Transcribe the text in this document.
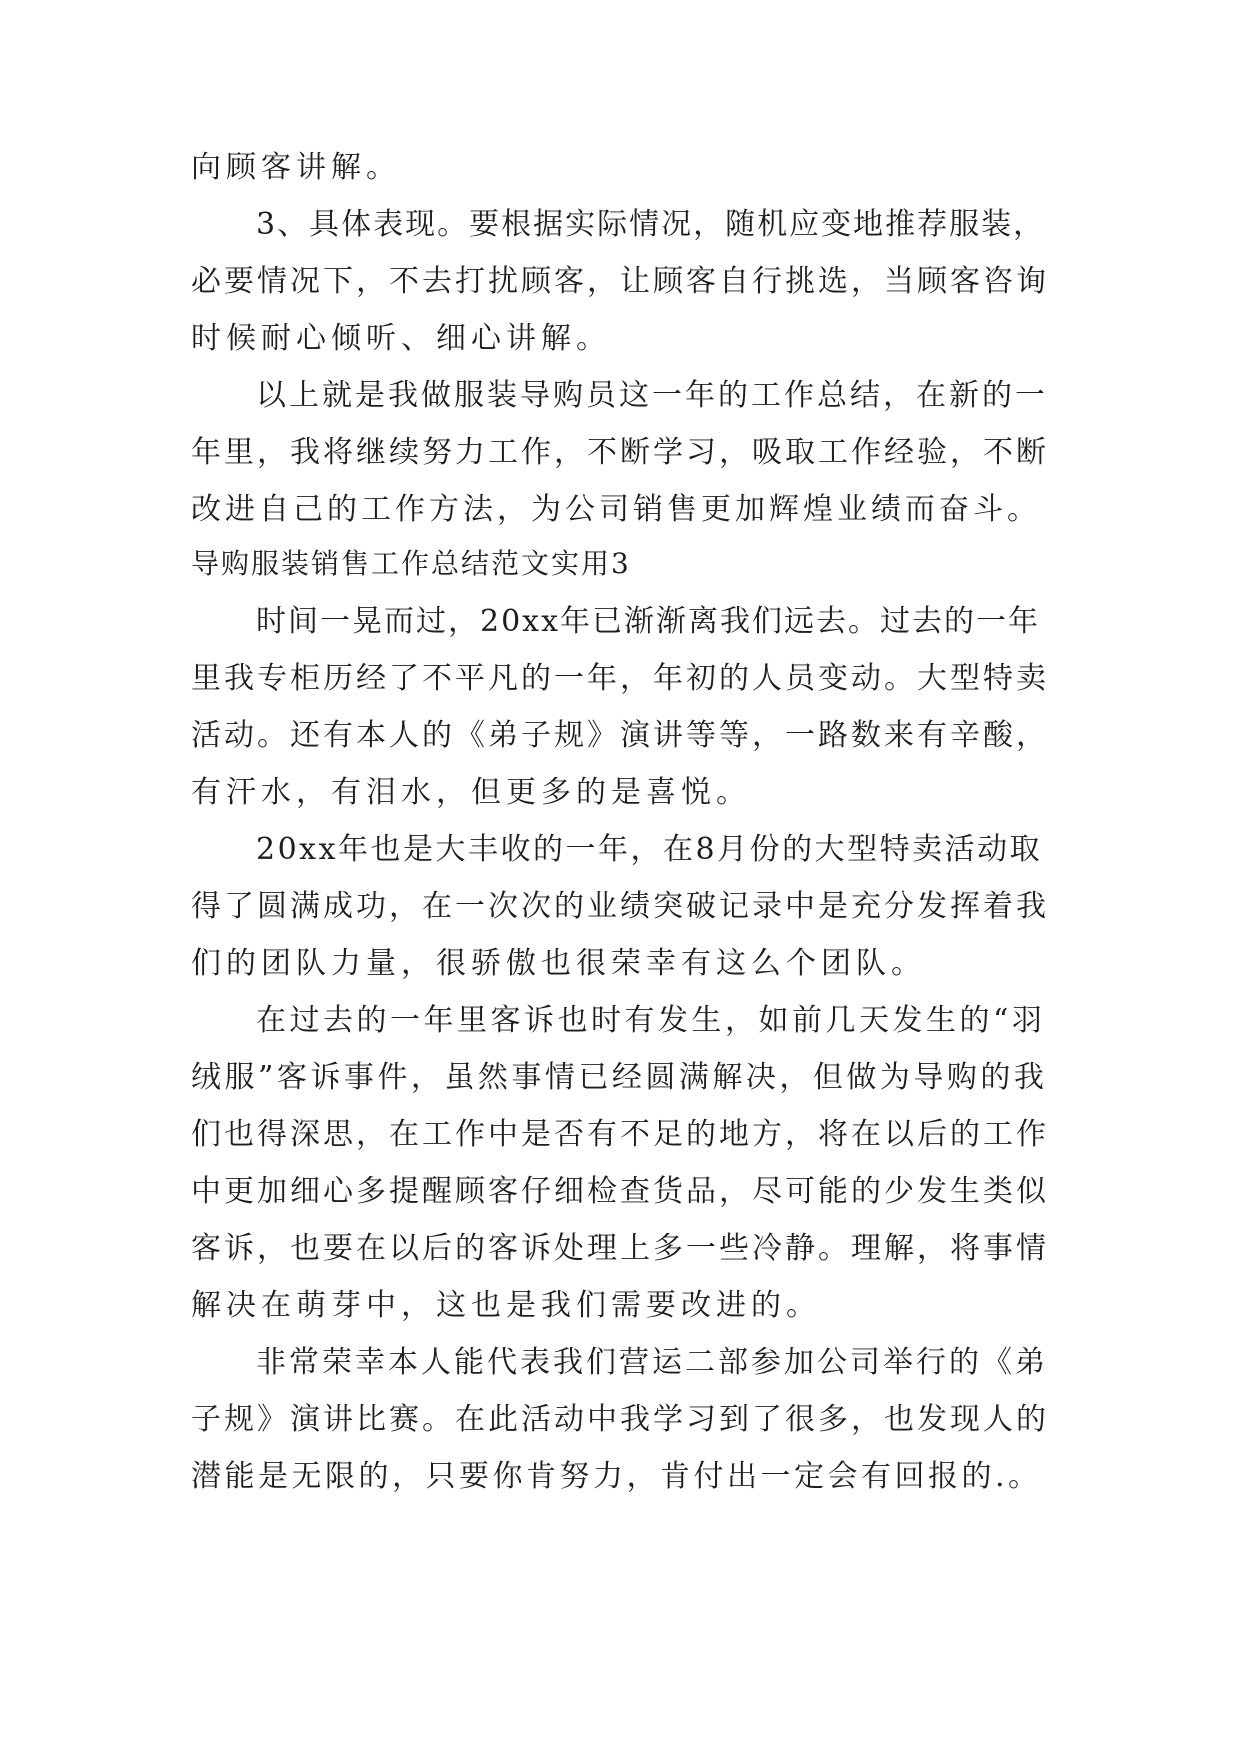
向顾客讲解。
3、具体表现。要根据实际情况，随机应变地推荐服装，
必要情况下，不去打扰顾客，让顾客自行挑选，当顾客咨询
时候耐心倾听、细心讲解。
以上就是我做服装导购员这一年的工作总结，在新的一
年里，我将继续努力工作，不断学习，吸取工作经验，不断
改进自己的工作方法，为公司销售更加辉煌业绩而奋斗。
导购服装销售工作总结范文实用3
时间一晃而过，20xx年已渐渐离我们远去。过去的一年
里我专柜历经了不平凡的一年，年初的人员变动。大型特卖
活动。还有本人的《弟子规》演讲等等，一路数来有辛酸，
有汗水，有泪水，但更多的是喜悦。
20xx年也是大丰收的一年，在8月份的大型特卖活动取
得了圆满成功，在一次次的业绩突破记录中是充分发挥着我
们的团队力量，很骄傲也很荣幸有这么个团队。
在过去的一年里客诉也时有发生，如前几天发生的“羽
绒服”客诉事件，虽然事情已经圆满解决，但做为导购的我
们也得深思，在工作中是否有不足的地方，将在以后的工作
中更加细心多提醒顾客仔细检查货品，尽可能的少发生类似
客诉，也要在以后的客诉处理上多一些冷静。理解，将事情
解决在萌芽中，这也是我们需要改进的。
非常荣幸本人能代表我们营运二部参加公司举行的《弟
子规》演讲比赛。在此活动中我学习到了很多，也发现人的
潜能是无限的，只要你肯努力，肯付出一定会有回报的.。
